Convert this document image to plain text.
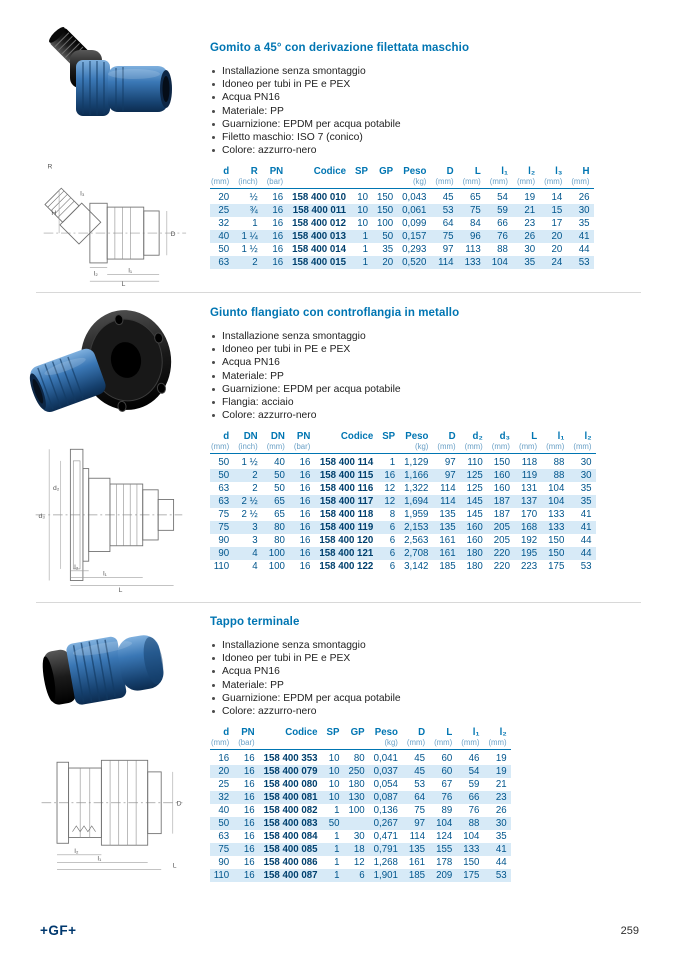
H
R
l₃
l₂	l₁
L
D
Gomito a 45° con derivazione filettata maschio
Installazione senza smontaggio
Idoneo per tubi in PE e PEX
Acqua PN16
Materiale: PP
Guarnizione: EPDM per acqua potabile
Filetto maschio: ISO 7 (conico)
Colore: azzurro-nero
d	R	PN	Codice	SP	GP	Peso	D	L	l₁	l₂	l₃	H
(mm)	(inch)	(bar)				(kg)	(mm)	(mm)	(mm)	(mm)	(mm)	(mm)
20	½	16	158 400 010	10	150	0,043	45	65	54	19	14	26
25	¾	16	158 400 011	10	150	0,061	53	75	59	21	15	30
32	1	16	158 400 012	10	100	0,099	64	84	66	23	17	35
40	1 ¼	16	158 400 013	1	50	0,157	75	96	76	26	20	41
50	1 ½	16	158 400 014	1	35	0,293	97	113	88	30	20	44
63	2	16	158 400 015	1	20	0,520	114	133	104	35	24	53
d₃
d₂
l₂
l₁
L
Giunto flangiato con controflangia in metallo
Installazione senza smontaggio
Idoneo per tubi in PE e PEX
Acqua PN16
Materiale: PP
Guarnizione: EPDM per acqua potabile
Flangia: acciaio
Colore: azzurro-nero
d	DN	DN	PN	Codice	SP	Peso	D	d₂	d₃	L	l₁	l₂
(mm)	(inch)	(mm)	(bar)			(kg)	(mm)	(mm)	(mm)	(mm)	(mm)	(mm)
50	1 ½	40	16	158 400 114	1	1,129	97	110	150	118	88	30
50	2	50	16	158 400 115	16	1,166	97	125	160	119	88	30
63	2	50	16	158 400 116	12	1,322	114	125	160	131	104	35
63	2 ½	65	16	158 400 117	12	1,694	114	145	187	137	104	35
75	2 ½	65	16	158 400 118	8	1,959	135	145	187	170	133	41
75	3	80	16	158 400 119	6	2,153	135	160	205	168	133	41
90	3	80	16	158 400 120	6	2,563	161	160	205	192	150	44
90	4	100	16	158 400 121	6	2,708	161	180	220	195	150	44
110	4	100	16	158 400 122	6	3,142	185	180	220	223	175	53
l₂
l₁
L
D
Tappo terminale
Installazione senza smontaggio
Idoneo per tubi in PE e PEX
Acqua PN16
Materiale: PP
Guarnizione: EPDM per acqua potabile
Colore: azzurro-nero
d	PN	Codice	SP	GP	Peso	D	L	l₁	l₂
(mm)	(bar)				(kg)	(mm)	(mm)	(mm)	(mm)
16	16	158 400 353	10	80	0,041	45	60	46	19
20	16	158 400 079	10	250	0,037	45	60	54	19
25	16	158 400 080	10	180	0,054	53	67	59	21
32	16	158 400 081	10	130	0,087	64	76	66	23
40	16	158 400 082	1	100	0,136	75	89	76	26
50	16	158 400 083	50		0,267	97	104	88	30
63	16	158 400 084	1	30	0,471	114	124	104	35
75	16	158 400 085	1	18	0,791	135	155	133	41
90	16	158 400 086	1	12	1,268	161	178	150	44
110	16	158 400 087	1	6	1,901	185	209	175	53
+GF+	259
